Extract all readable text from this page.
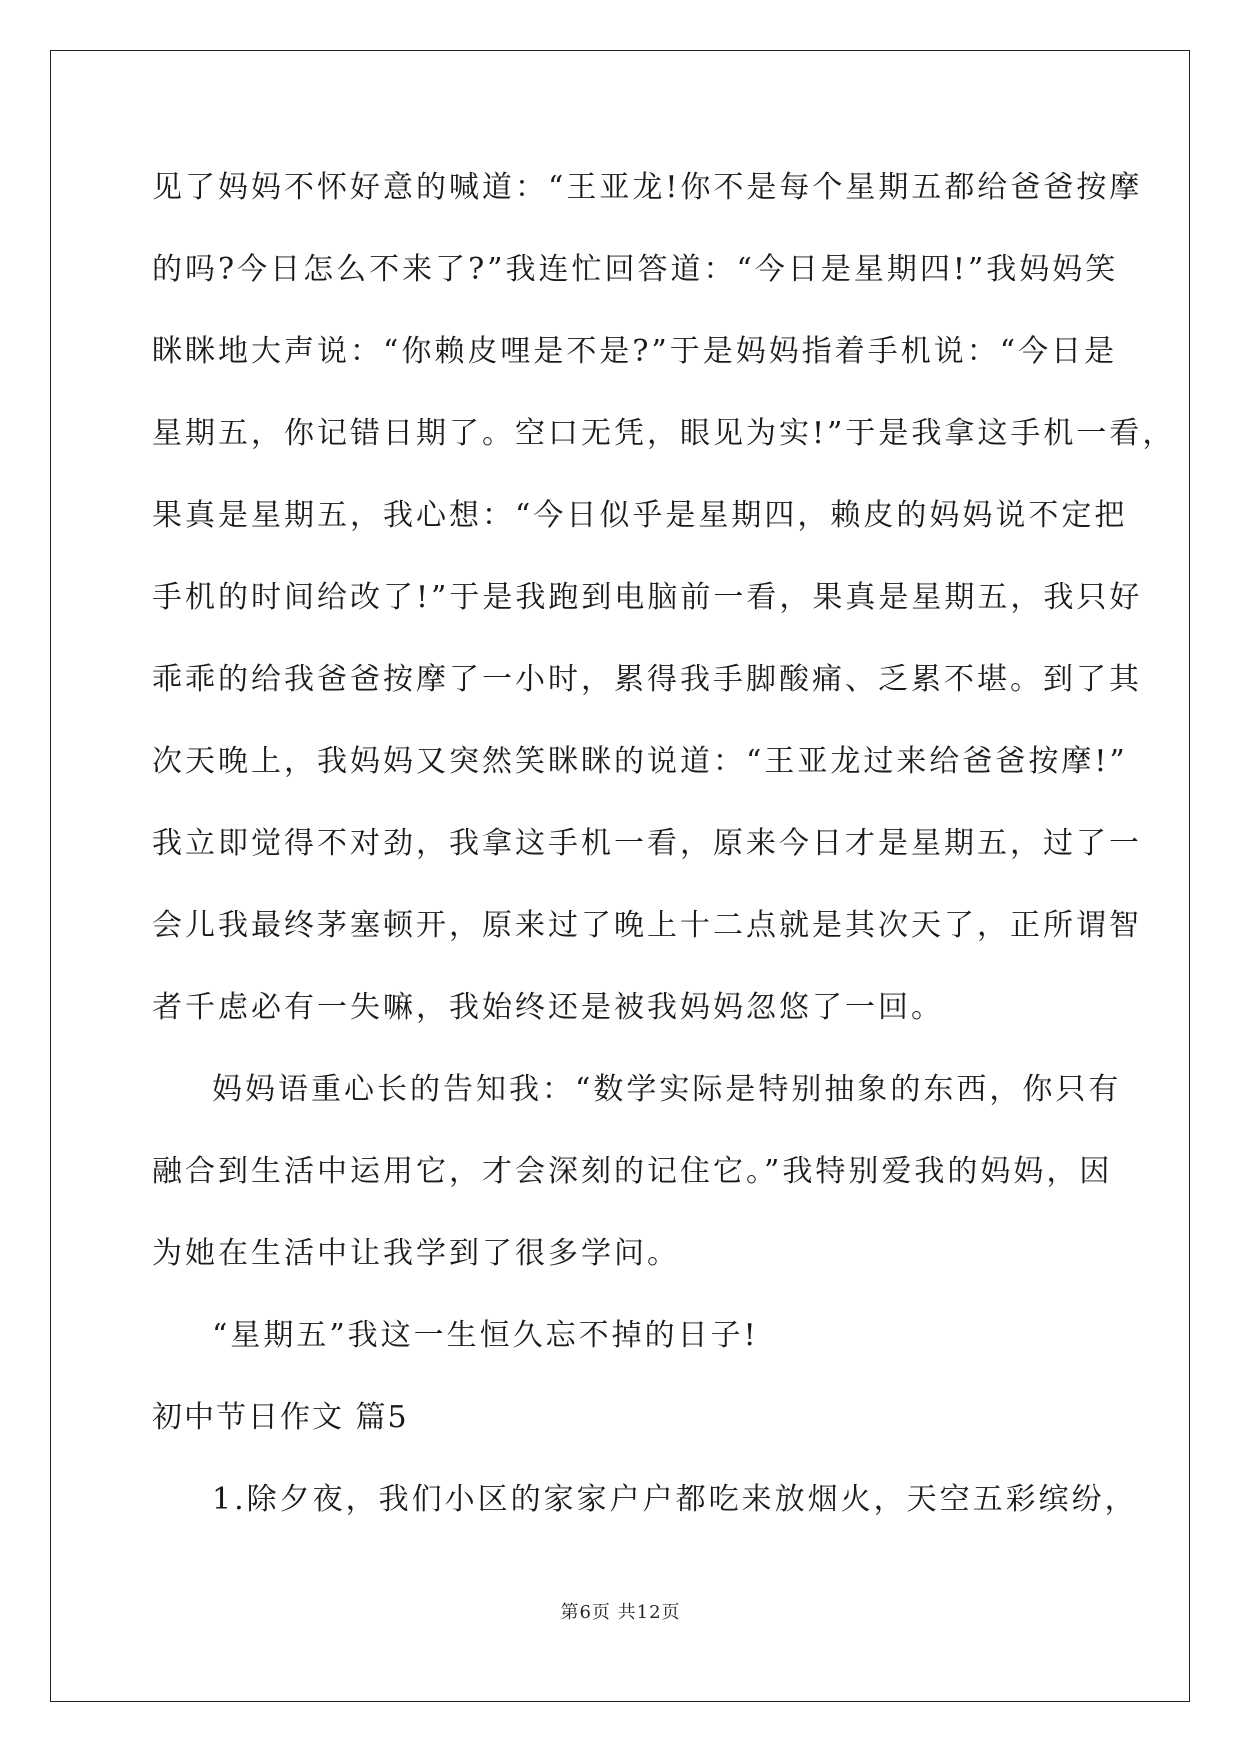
见了妈妈不怀好意的喊道：“王亚龙!你不是每个星期五都给爸爸按摩
的吗?今日怎么不来了?”我连忙回答道：“今日是星期四!”我妈妈笑
眯眯地大声说：“你赖皮哩是不是?”于是妈妈指着手机说：“今日是
星期五，你记错日期了。空口无凭，眼见为实!”于是我拿这手机一看，
果真是星期五，我心想：“今日似乎是星期四，赖皮的妈妈说不定把
手机的时间给改了!”于是我跑到电脑前一看，果真是星期五，我只好
乖乖的给我爸爸按摩了一小时，累得我手脚酸痛、乏累不堪。到了其
次天晚上，我妈妈又突然笑眯眯的说道：“王亚龙过来给爸爸按摩!”
我立即觉得不对劲，我拿这手机一看，原来今日才是星期五，过了一
会儿我最终茅塞顿开，原来过了晚上十二点就是其次天了，正所谓智
者千虑必有一失嘛，我始终还是被我妈妈忽悠了一回。
妈妈语重心长的告知我：“数学实际是特别抽象的东西，你只有
融合到生活中运用它，才会深刻的记住它。”我特别爱我的妈妈，因
为她在生活中让我学到了很多学问。
“星期五”我这一生恒久忘不掉的日子!
初中节日作文 篇5
1.除夕夜，我们小区的家家户户都吃来放烟火，天空五彩缤纷，
第6页 共12页
